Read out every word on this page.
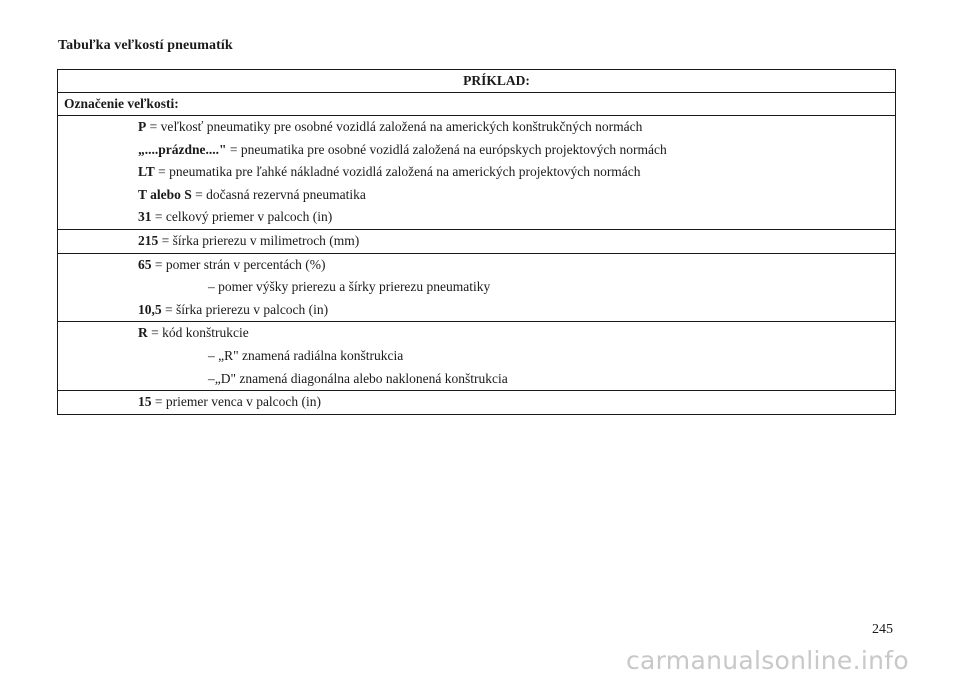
Tabuľka veľkostí pneumatík
PRÍKLAD:
Označenie veľkosti:

P = veľkosť pneumatiky pre osobné vozidlá založená na amerických konštrukčných normách
„....prázdne...." = pneumatika pre osobné vozidlá založená na európskych projektových normách
LT = pneumatika pre ľahké nákladné vozidlá založená na amerických projektových normách
T alebo S = dočasná rezervná pneumatika
31 = celkový priemer v palcoch (in)

215 = šírka prierezu v milimetroch (mm)

65 = pomer strán v percentách (%)
– pomer výšky prierezu a šírky prierezu pneumatiky
10,5 = šírka prierezu v palcoch (in)

R = kód konštrukcie
– „R" znamená radiálna konštrukcia
–„D" znamená diagonálna alebo naklonená konštrukcia

15 = priemer venca v palcoch (in)
245
carmanualsonline.info
